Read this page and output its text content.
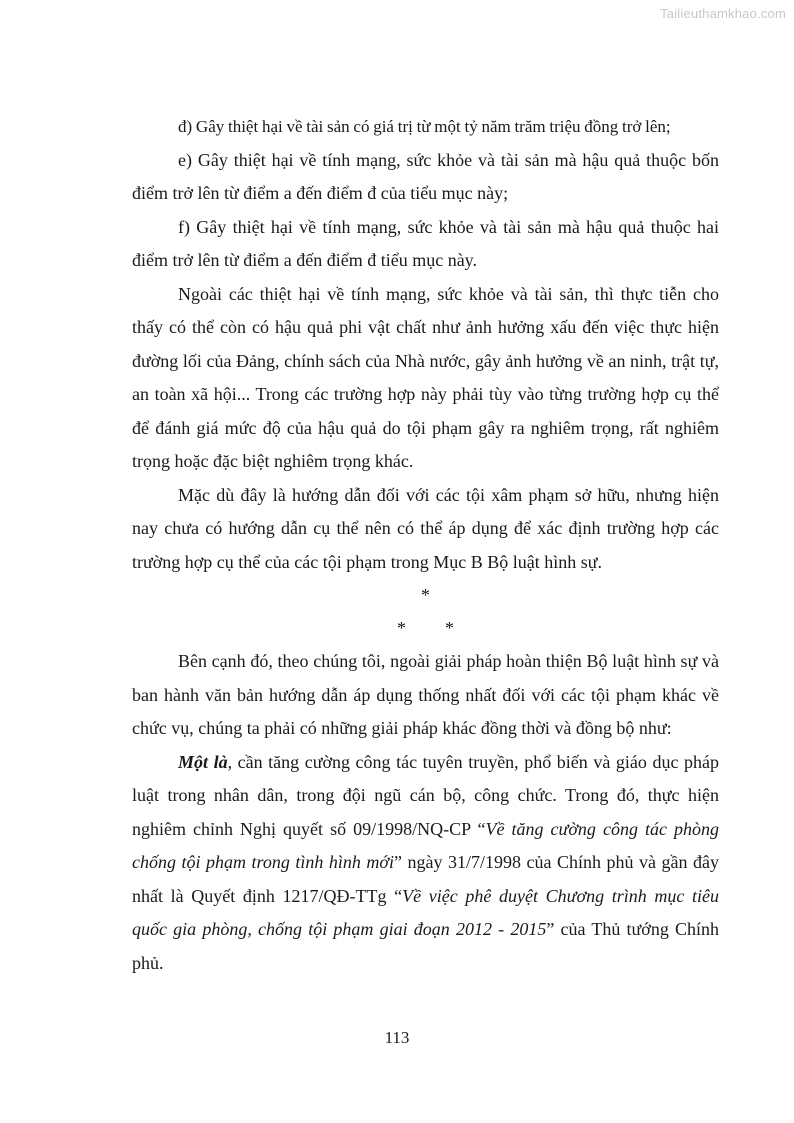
Tailieuthamkhao.com

đ) Gây thiệt hại về tài sản có giá trị từ một tỷ năm trăm triệu đồng trở lên;

e) Gây thiệt hại về tính mạng, sức khỏe và tài sản mà hậu quả thuộc bốn điểm trở lên từ điểm a đến điểm đ của tiểu mục này;

f) Gây thiệt hại về tính mạng, sức khỏe và tài sản mà hậu quả thuộc hai điểm trở lên từ điểm a đến điểm đ tiểu mục này.

Ngoài các thiệt hại về tính mạng, sức khỏe và tài sản, thì thực tiễn cho thấy có thể còn có hậu quả phi vật chất như ảnh hưởng xấu đến việc thực hiện đường lối của Đảng, chính sách của Nhà nước, gây ảnh hưởng về an ninh, trật tự, an toàn xã hội... Trong các trường hợp này phải tùy vào từng trường hợp cụ thể để đánh giá mức độ của hậu quả do tội phạm gây ra nghiêm trọng, rất nghiêm trọng hoặc đặc biệt nghiêm trọng khác.

Mặc dù đây là hướng dẫn đối với các tội xâm phạm sở hữu, nhưng hiện nay chưa có hướng dẫn cụ thể nên có thể áp dụng để xác định trường hợp các trường hợp cụ thể của các tội phạm trong Mục B Bộ luật hình sự.

*
* *

Bên cạnh đó, theo chúng tôi, ngoài giải pháp hoàn thiện Bộ luật hình sự và ban hành văn bản hướng dẫn áp dụng thống nhất đối với các tội phạm khác về chức vụ, chúng ta phải có những giải pháp khác đồng thời và đồng bộ như:

Một là, cần tăng cường công tác tuyên truyền, phổ biến và giáo dục pháp luật trong nhân dân, trong đội ngũ cán bộ, công chức. Trong đó, thực hiện nghiêm chỉnh Nghị quyết số 09/1998/NQ-CP “Về tăng cường công tác phòng chống tội phạm trong tình hình mới” ngày 31/7/1998 của Chính phủ và gần đây nhất là Quyết định 1217/QĐ-TTg “Về việc phê duyệt Chương trình mục tiêu quốc gia phòng, chống tội phạm giai đoạn 2012 - 2015” của Thủ tướng Chính phủ.

113
